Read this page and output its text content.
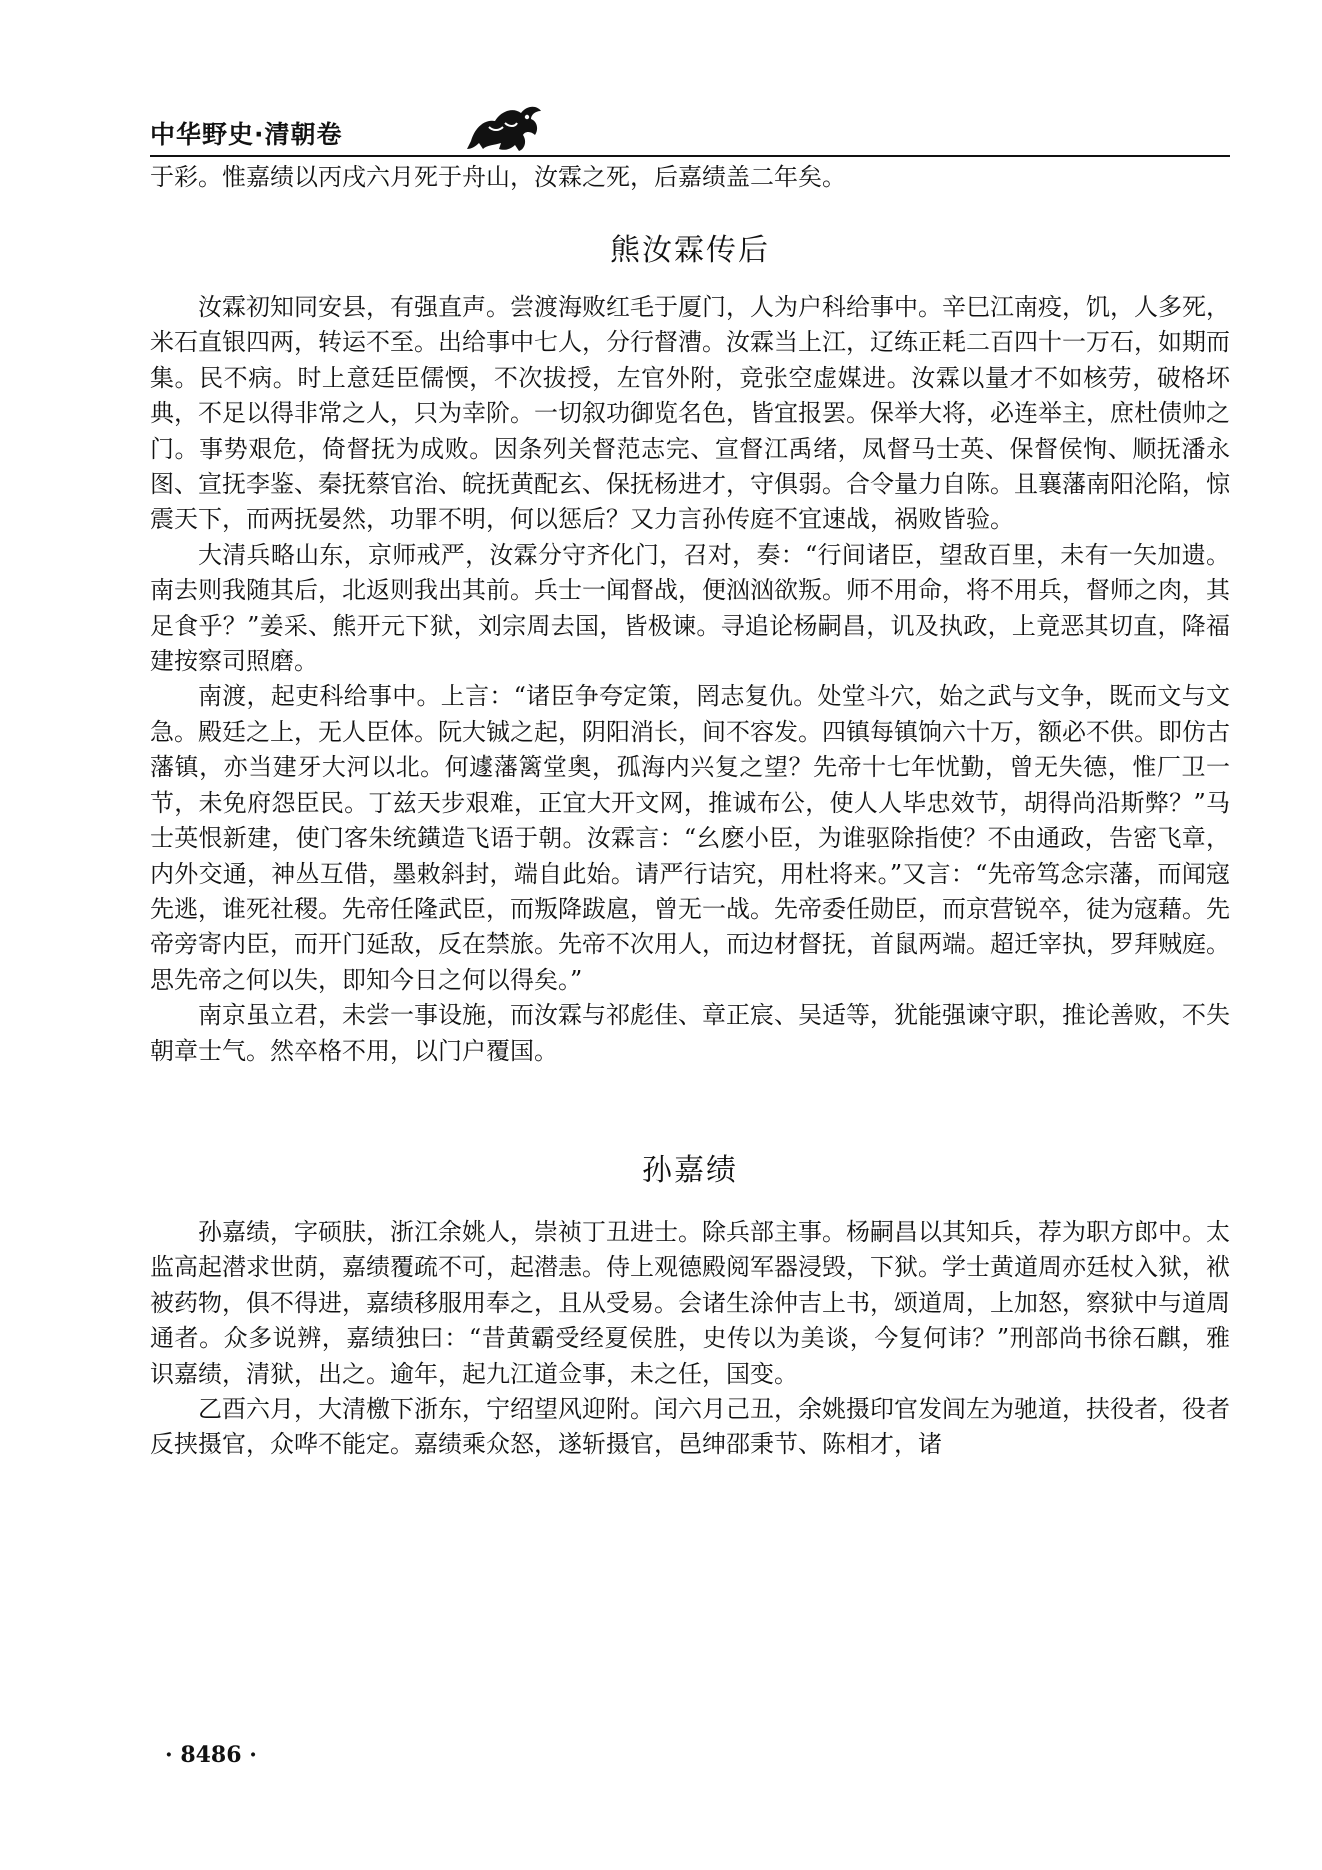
中华野史·清朝卷

于彩。惟嘉绩以丙戌六月死于舟山，汝霖之死，后嘉绩盖二年矣。

熊汝霖传后

汝霖初知同安县，有强直声。尝渡海败红毛于厦门，人为户科给事中。辛巳江南疫，饥，人多死，米石直银四两，转运不至。出给事中七人，分行督漕。汝霖当上江，辽练正耗二百四十一万石，如期而集。民不病。时上意廷臣儒愞，不次拔授，左官外附，竞张空虚媒进。汝霖以量才不如核劳，破格坏典，不足以得非常之人，只为幸阶。一切叙功御览名色，皆宜报罢。保举大将，必连举主，庶杜债帅之门。事势艰危，倚督抚为成败。因条列关督范志完、宣督江禹绪，凤督马士英、保督侯恂、顺抚潘永图、宣抚李鉴、秦抚蔡官治、皖抚黄配玄、保抚杨进才，守俱弱。合令量力自陈。且襄藩南阳沦陷，惊震天下，而两抚晏然，功罪不明，何以惩后？又力言孙传庭不宜速战，祸败皆验。

大清兵略山东，京师戒严，汝霖分守齐化门，召对，奏：“行间诸臣，望敌百里，未有一矢加遗。南去则我随其后，北返则我出其前。兵士一闻督战，便汹汹欲叛。师不用命，将不用兵，督师之肉，其足食乎？”姜采、熊开元下狱，刘宗周去国，皆极谏。寻追论杨嗣昌，讥及执政，上竟恶其切直，降福建按察司照磨。

南渡，起吏科给事中。上言：“诸臣争夸定策，罔志复仇。处堂斗穴，始之武与文争，既而文与文急。殿廷之上，无人臣体。阮大铖之起，阴阳消长，间不容发。四镇每镇饷六十万，额必不供。即仿古藩镇，亦当建牙大河以北。何遽藩篱堂奥，孤海内兴复之望？先帝十七年忧勤，曾无失德，惟厂卫一节，未免府怨臣民。丁兹天步艰难，正宜大开文网，推诚布公，使人人毕忠效节，胡得尚沿斯弊？”马士英恨新建，使门客朱统鐄造飞语于朝。汝霖言：“幺麽小臣，为谁驱除指使？不由通政，告密飞章，内外交通，神丛互借，墨敕斜封，端自此始。请严行诘究，用杜将来。”又言：“先帝笃念宗藩，而闻寇先逃，谁死社稷。先帝任隆武臣，而叛降跋扈，曾无一战。先帝委任勋臣，而京营锐卒，徒为寇藉。先帝旁寄内臣，而开门延敌，反在禁旅。先帝不次用人，而边材督抚，首鼠两端。超迁宰执，罗拜贼庭。思先帝之何以失，即知今日之何以得矣。”

南京虽立君，未尝一事设施，而汝霖与祁彪佳、章正宸、吴适等，犹能强谏守职，推论善败，不失朝章士气。然卒格不用，以门户覆国。

孙嘉绩

孙嘉绩，字硕肤，浙江余姚人，崇祯丁丑进士。除兵部主事。杨嗣昌以其知兵，荐为职方郎中。太监高起潜求世荫，嘉绩覆疏不可，起潜恚。侍上观德殿阅军器浸毁，下狱。学士黄道周亦廷杖入狱，袱被药物，俱不得进，嘉绩移服用奉之，且从受易。会诸生涂仲吉上书，颂道周，上加怒，察狱中与道周通者。众多说辨，嘉绩独曰：“昔黄霸受经夏侯胜，史传以为美谈，今复何讳？”刑部尚书徐石麒，雅识嘉绩，清狱，出之。逾年，起九江道佥事，未之任，国变。

乙酉六月，大清檄下浙东，宁绍望风迎附。闰六月己丑，余姚摄印官发闾左为驰道，扶役者，役者反挟摄官，众哗不能定。嘉绩乘众怒，遂斩摄官，邑绅邵秉节、陈相才，诸

· 8486 ·
